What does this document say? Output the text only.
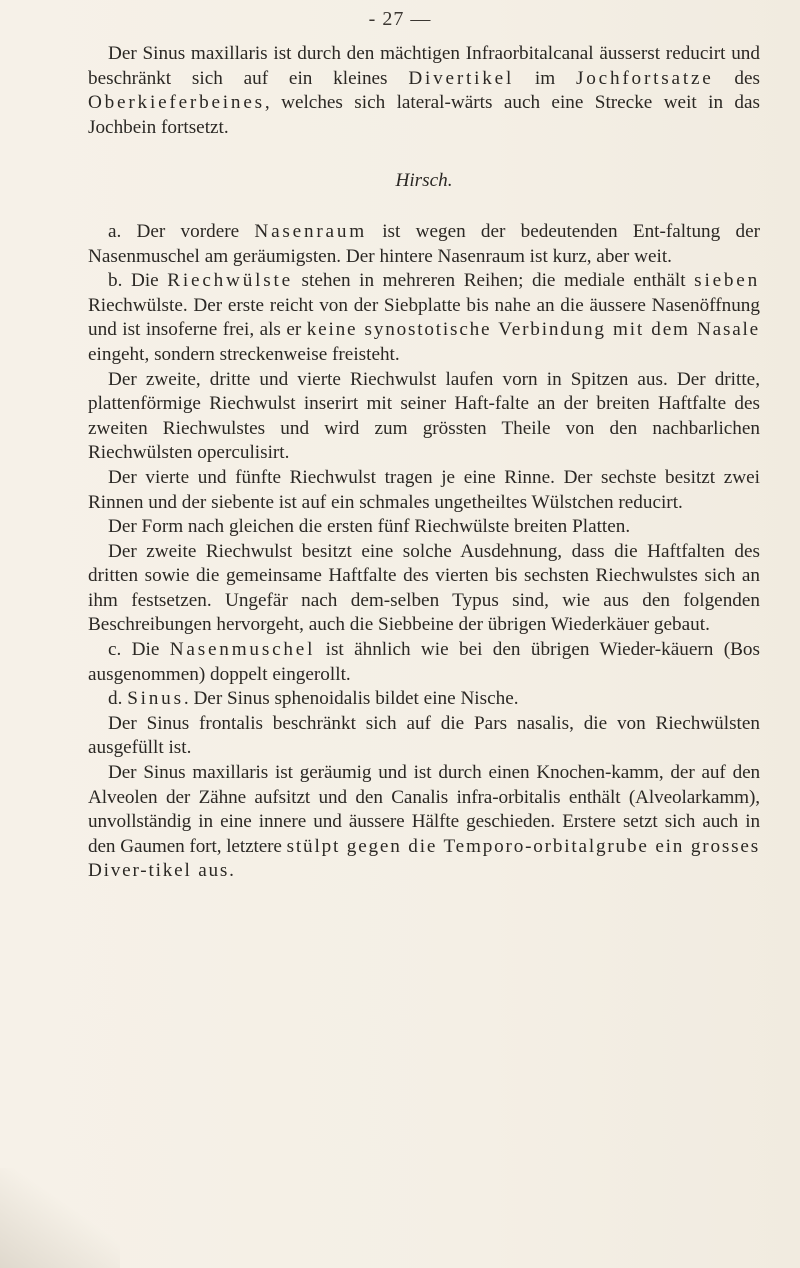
- 27 —

Der Sinus maxillaris ist durch den mächtigen Infraorbitalcanal äusserst reducirt und beschränkt sich auf ein kleines Divertikel im Jochfortsatze des Oberkieferbeines, welches sich lateral-wärts auch eine Strecke weit in das Jochbein fortsetzt.

Hirsch.

a. Der vordere Nasenraum ist wegen der bedeutenden Ent-faltung der Nasenmuschel am geräumigsten. Der hintere Nasenraum ist kurz, aber weit.

b. Die Riechwülste stehen in mehreren Reihen; die mediale enthält sieben Riechwülste. Der erste reicht von der Siebplatte bis nahe an die äussere Nasenöffnung und ist insoferne frei, als er keine synostotische Verbindung mit dem Nasale eingeht, sondern streckenweise freisteht.

Der zweite, dritte und vierte Riechwulst laufen vorn in Spitzen aus. Der dritte, plattenförmige Riechwulst inserirt mit seiner Haft-falte an der breiten Haftfalte des zweiten Riechwulstes und wird zum grössten Theile von den nachbarlichen Riechwülsten operculisirt.

Der vierte und fünfte Riechwulst tragen je eine Rinne. Der sechste besitzt zwei Rinnen und der siebente ist auf ein schmales ungetheiltes Wülstchen reducirt.

Der Form nach gleichen die ersten fünf Riechwülste breiten Platten.

Der zweite Riechwulst besitzt eine solche Ausdehnung, dass die Haftfalten des dritten sowie die gemeinsame Haftfalte des vierten bis sechsten Riechwulstes sich an ihm festsetzen. Ungefär nach dem-selben Typus sind, wie aus den folgenden Beschreibungen hervorgeht, auch die Siebbeine der übrigen Wiederkäuer gebaut.

c. Die Nasenmuschel ist ähnlich wie bei den übrigen Wieder-käuern (Bos ausgenommen) doppelt eingerollt.

d. Sinus. Der Sinus sphenoidalis bildet eine Nische.

Der Sinus frontalis beschränkt sich auf die Pars nasalis, die von Riechwülsten ausgefüllt ist.

Der Sinus maxillaris ist geräumig und ist durch einen Knochen-kamm, der auf den Alveolen der Zähne aufsitzt und den Canalis infra-orbitalis enthält (Alveolarkamm), unvollständig in eine innere und äussere Hälfte geschieden. Erstere setzt sich auch in den Gaumen fort, letztere stülpt gegen die Temporo-orbitalgrube ein grosses Diver-tikel aus.
